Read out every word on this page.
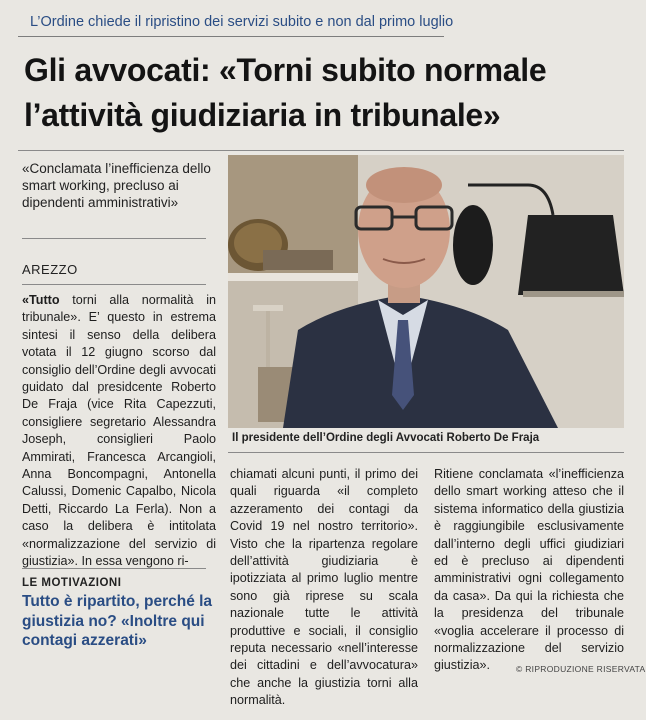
L’Ordine chiede il ripristino dei servizi subito e non dal primo luglio
Gli avvocati: «Torni subito normale
l’attività giudiziaria in tribunale»
«Conclamata l’inefficienza dello smart working, precluso ai dipendenti amministrativi»
AREZZO
«Tutto torni alla normalità in tribunale». E’ questo in estrema sintesi il senso della delibera votata il 12 giugno scorso dal consiglio dell’Ordine degli avvocati guidato dal presidcente Roberto De Fraja (vice Rita Capezzuti, consigliere segretario Alessandra Joseph, consiglieri Paolo Ammirati, Francesca Arcangioli, Anna Boncompagni, Antonella Calussi, Domenic Capalbo, Nicola Detti, Riccardo La Ferla). Non a caso la delibera è intitolata «normalizzazione del servizio di giustizia». In essa vengono ri-
LE MOTIVAZIONI
Tutto è ripartito, perché la giustizia no? «Inoltre qui contagi azzerati»
Il presidente dell’Ordine degli Avvocati Roberto De Fraja
chiamati alcuni punti, il primo dei quali riguarda «il completo azzeramento dei contagi da Covid 19 nel nostro territorio». Visto che la ripartenza regolare dell’attività giudiziaria è ipotizziata al primo luglio mentre sono già riprese su scala nazionale tutte le attività produttive e sociali, il consiglio reputa necessario «nell’interesse dei cittadini e dell’avvocatura» che anche la giustizia torni alla normalità.
Ritiene conclamata «l’inefficienza dello smart working atteso che il sistema informatico della giustizia è raggiungibile esclusivamente dall’interno degli uffici giudiziari ed è precluso ai dipendenti amministrativi ogni collegamento da casa». Da qui la richiesta che la presidenza del tribunale «voglia accelerare il processo di normalizzazione del servizio giustizia».	© RIPRODUZIONE RISERVATA
